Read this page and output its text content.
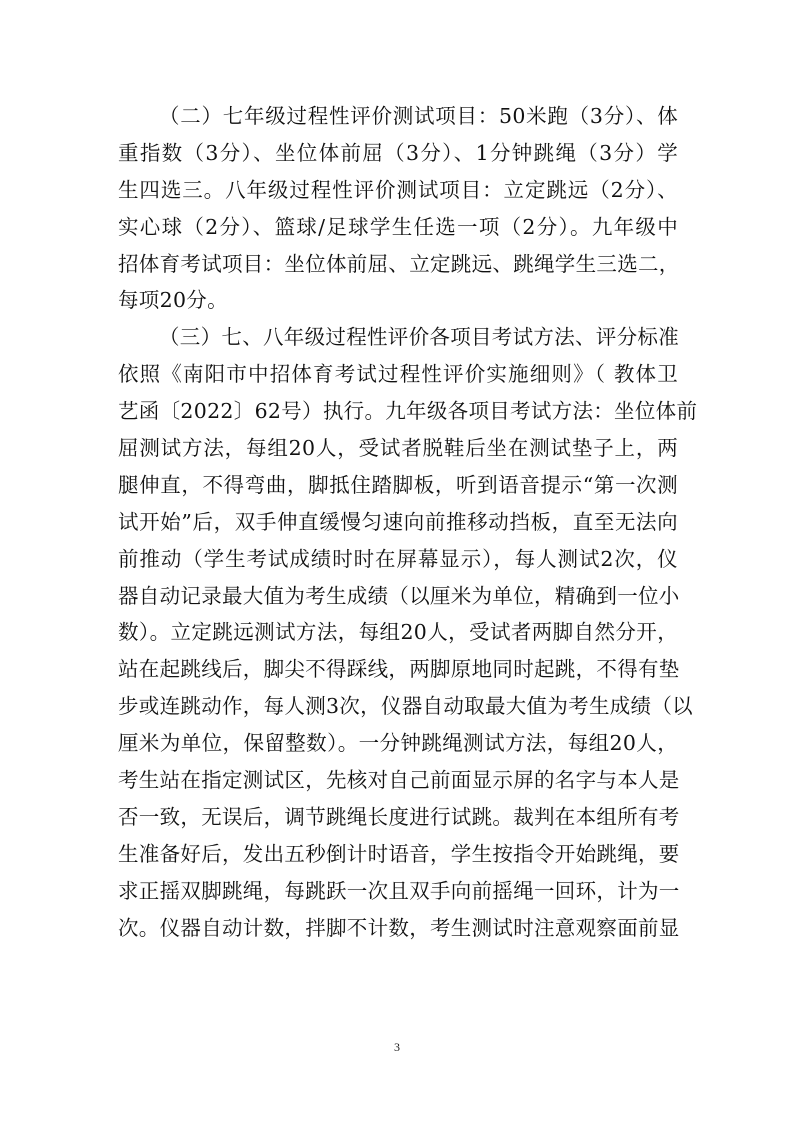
（二）七年级过程性评价测试项目：50米跑（3分）、体

重指数（3分）、坐位体前屈（3分）、1分钟跳绳（3分）学

生四选三。八年级过程性评价测试项目：立定跳远（2分）、

实心球（2分）、篮球/足球学生任选一项（2分）。九年级中

招体育考试项目：坐位体前屈、立定跳远、跳绳学生三选二，

每项20分。

（三）七、八年级过程性评价各项目考试方法、评分标准

依照《南阳市中招体育考试过程性评价实施细则》（ 教体卫

艺函〔2022〕62号）执行。九年级各项目考试方法：坐位体前

屈测试方法，每组20人，受试者脱鞋后坐在测试垫子上，两

腿伸直，不得弯曲，脚抵住踏脚板，听到语音提示“第一次测

试开始”后，双手伸直缓慢匀速向前推移动挡板，直至无法向

前推动（学生考试成绩时时在屏幕显示），每人测试2次，仪

器自动记录最大值为考生成绩（以厘米为单位，精确到一位小

数）。立定跳远测试方法，每组20人，受试者两脚自然分开，

站在起跳线后，脚尖不得踩线，两脚原地同时起跳，不得有垫

步或连跳动作，每人测3次，仪器自动取最大值为考生成绩（以

厘米为单位，保留整数）。一分钟跳绳测试方法，每组20人，

考生站在指定测试区，先核对自己前面显示屏的名字与本人是

否一致，无误后，调节跳绳长度进行试跳。裁判在本组所有考

生准备好后，发出五秒倒计时语音，学生按指令开始跳绳，要

求正摇双脚跳绳，每跳跃一次且双手向前摇绳一回环，计为一

次。仪器自动计数，拌脚不计数，考生测试时注意观察面前显

3
